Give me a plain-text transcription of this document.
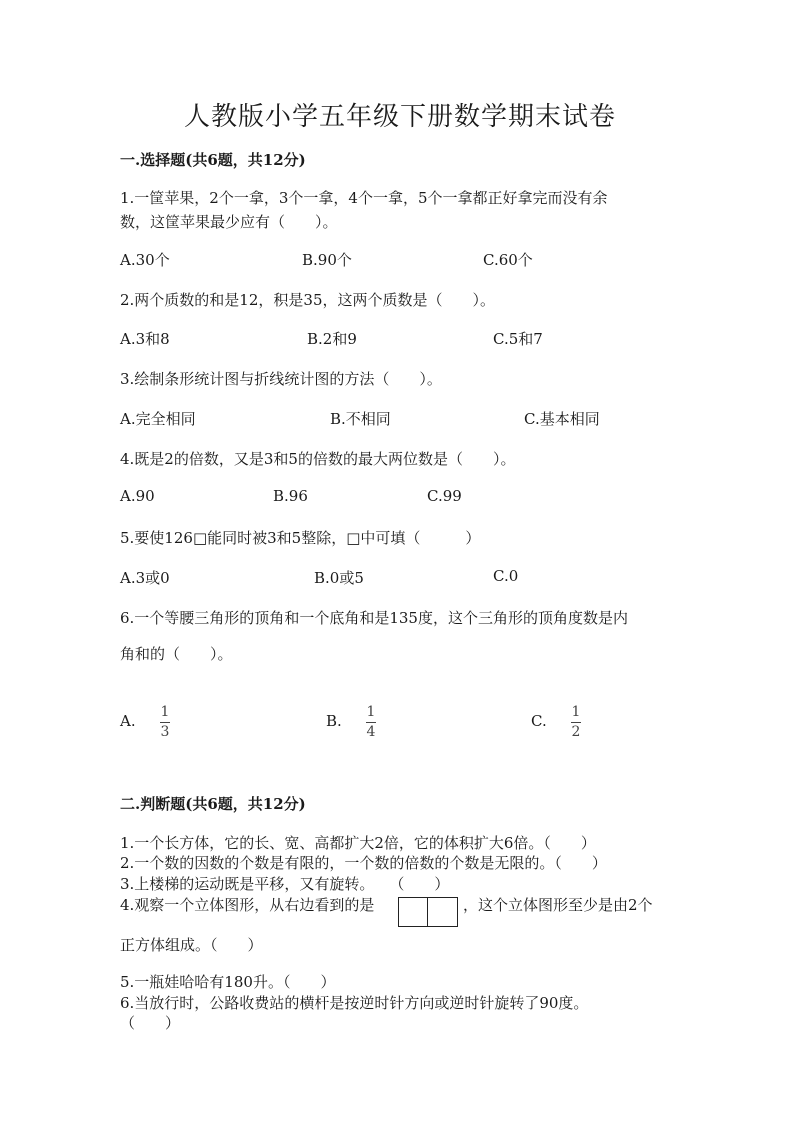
人教版小学五年级下册数学期末试卷
一.选择题(共6题，共12分)
1.一筐苹果，2个一拿，3个一拿，4个一拿，5个一拿都正好拿完而没有余
数，这筐苹果最少应有（　　）。
A.30个	B.90个	C.60个
2.两个质数的和是12，积是35，这两个质数是（　　）。
A.3和8	B.2和9	C.5和7
3.绘制条形统计图与折线统计图的方法（　　）。
A.完全相同	B.不相同	C.基本相同
4.既是2的倍数，又是3和5的倍数的最大两位数是（　　）。
A.90	B.96	C.99
5.要使126□能同时被3和5整除，□中可填（　　　）
A.3或0	B.0或5	C.0
6.一个等腰三角形的顶角和一个底角和是135度，这个三角形的顶角度数是内
角和的（　　）。
A. 1
3
B. 1
4
C. 1
2
二.判断题(共6题，共12分)
1.一个长方体，它的长、宽、高都扩大2倍，它的体积扩大6倍。（　　）
2.一个数的因数的个数是有限的，一个数的倍数的个数是无限的。（　　）
3.上楼梯的运动既是平移，又有旋转。　　（　　）
4.观察一个立体图形，从右边看到的是	，这个立体图形至少是由2个
正方体组成。（　　）
5.一瓶娃哈哈有180升。（　　）
6.当放行时，公路收费站的横杆是按逆时针方向或逆时针旋转了90度。
（　　）
